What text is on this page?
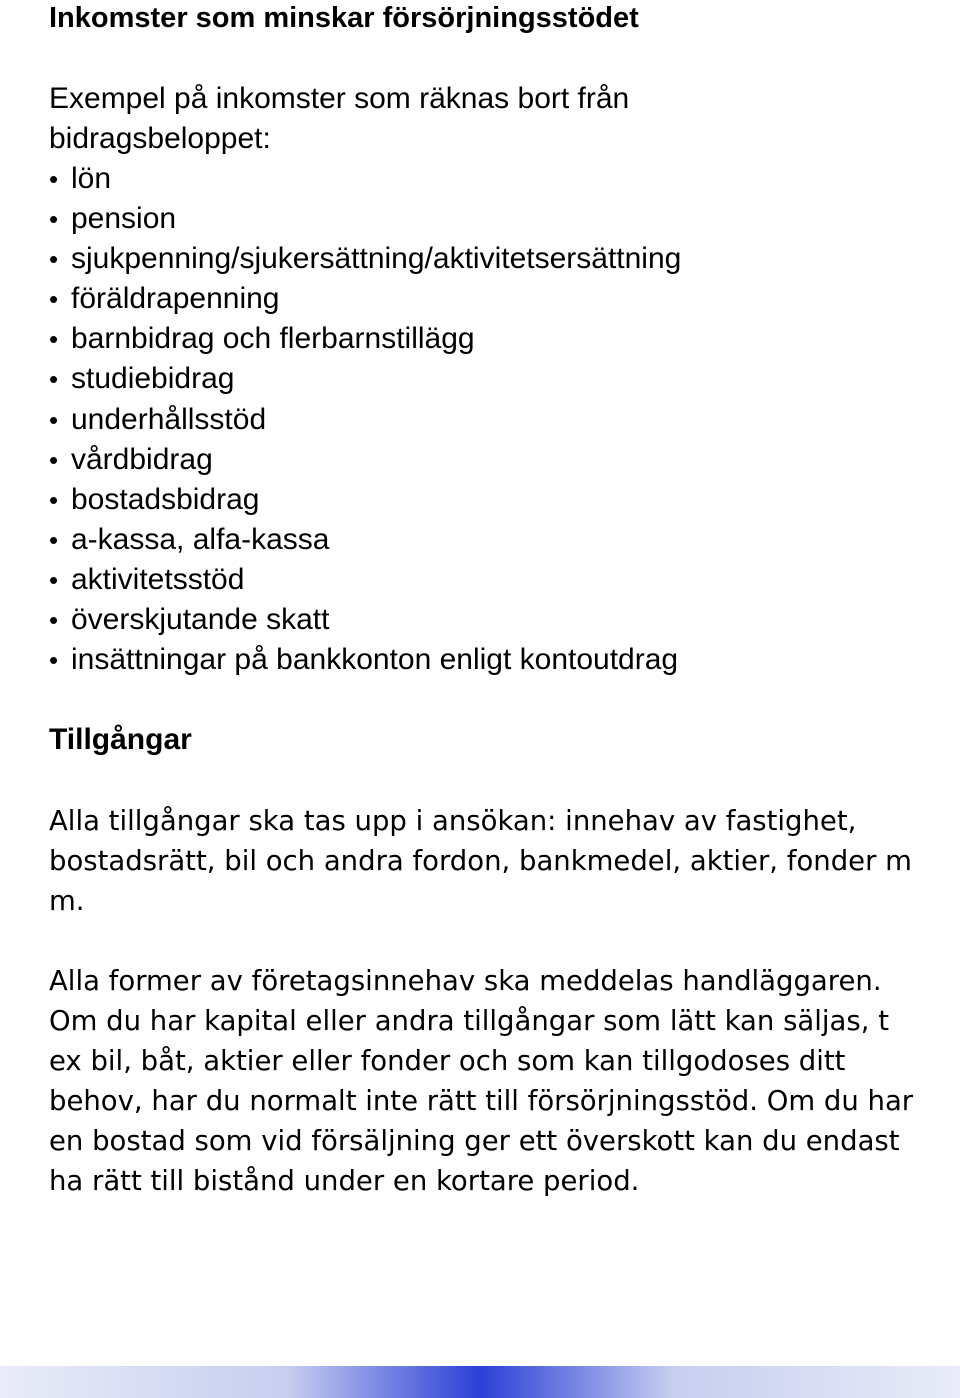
Inkomster som minskar försörjningsstödet

Exempel på inkomster som räknas bort från bidragsbeloppet:

• lön
• pension
• sjukpenning/sjukersättning/aktivitetsersättning
• föräldrapenning
• barnbidrag och flerbarnstillägg
• studiebidrag
• underhållsstöd
• vårdbidrag
• bostadsbidrag
• a-kassa, alfa-kassa
• aktivitetsstöd
• överskjutande skatt
• insättningar på bankkonton enligt kontoutdrag
Tillgångar

Alla tillgångar ska tas upp i ansökan: innehav av fastighet, bostadsrätt, bil och andra fordon, bankmedel, aktier, fonder m m.

Alla former av företagsinnehav ska meddelas handläggaren. Om du har kapital eller andra tillgångar som lätt kan säljas, t ex bil, båt, aktier eller fonder och som kan tillgodoses ditt behov, har du normalt inte rätt till försörjningsstöd. Om du har en bostad som vid försäljning ger ett överskott kan du endast ha rätt till bistånd under en kortare period.
